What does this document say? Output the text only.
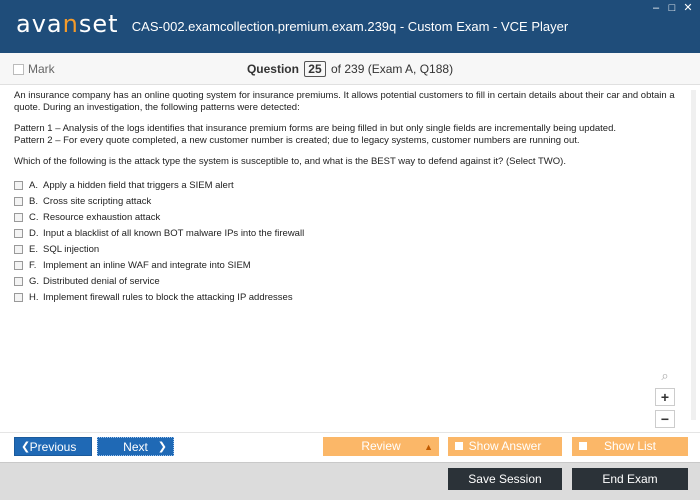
avanset	CAS-002.examcollection.premium.exam.239q - Custom Exam - VCE Player
– □ ✕
Mark	Question 25 of 239 (Exam A, Q188)

An insurance company has an online quoting system for insurance premiums. It allows potential customers to fill in certain details about their car and obtain a quote. During an investigation, the following patterns were detected:

Pattern 1 – Analysis of the logs identifies that insurance premium forms are being filled in but only single fields are incrementally being updated.
Pattern 2 – For every quote completed, a new customer number is created; due to legacy systems, customer numbers are running out.

Which of the following is the attack type the system is susceptible to, and what is the BEST way to defend against it? (Select TWO).

A. Apply a hidden field that triggers a SIEM alert
B. Cross site scripting attack
C. Resource exhaustion attack
D. Input a blacklist of all known BOT malware IPs into the firewall
E. SQL injection
F. Implement an inline WAF and integrate into SIEM
G. Distributed denial of service
H. Implement firewall rules to block the attacking IP addresses
⌕
+
−
❮ Previous	Next ❯	Review	▲	Show Answer	Show List
Save Session	End Exam
